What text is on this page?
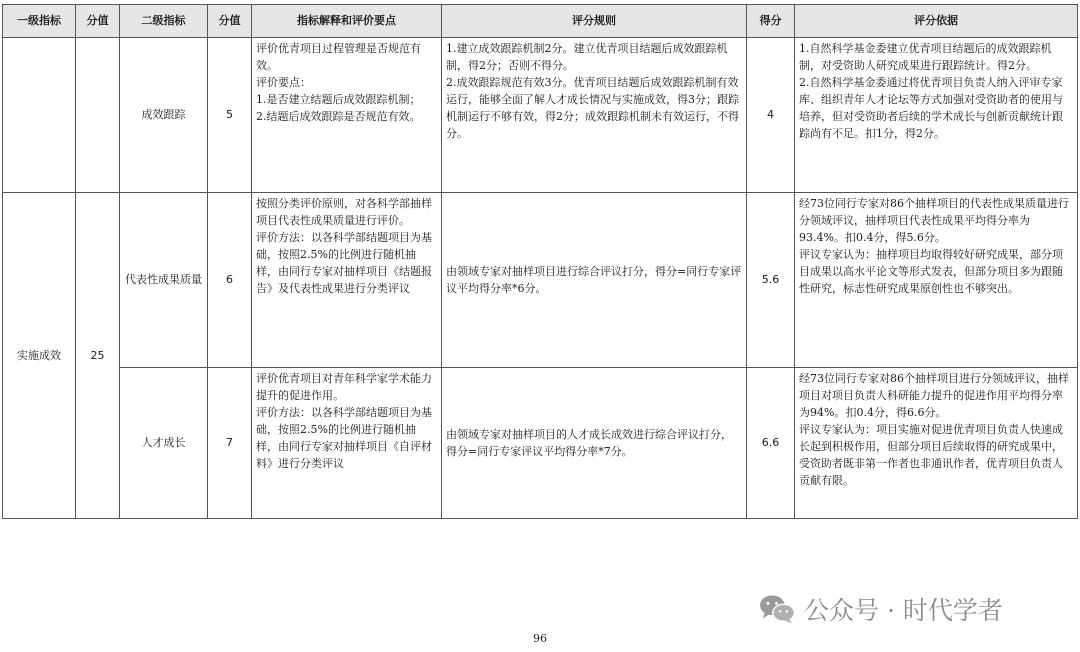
一级指标	分值	二级指标	分值	指标解释和评价要点	评分规则	得分	评分依据
		成效跟踪	5	评价优青项目过程管理是否规范有效。
评价要点：
1.是否建立结题后成效跟踪机制；
2.结题后成效跟踪是否规范有效。	1.建立成效跟踪机制2分。建立优青项目结题后成效跟踪机制，得2分；否则不得分。
2.成效跟踪规范有效3分。优青项目结题后成效跟踪机制有效运行，能够全面了解人才成长情况与实施成效，得3分；跟踪机制运行不够有效，得2分；成效跟踪机制未有效运行，不得分。	4	1.自然科学基金委建立优青项目结题后的成效跟踪机制，对受资助人研究成果进行跟踪统计。得2分。
2.自然科学基金委通过将优青项目负责人纳入评审专家库、组织青年人才论坛等方式加强对受资助者的使用与培养，但对受资助者后续的学术成长与创新贡献统计跟踪尚有不足。扣1分，得2分。

实施成效	25	代表性成果质量	6	按照分类评价原则，对各科学部抽样项目代表性成果质量进行评价。
评价方法：以各科学部结题项目为基础，按照2.5%的比例进行随机抽样，由同行专家对抽样项目《结题报告》及代表性成果进行分类评议	由领域专家对抽样项目进行综合评议打分，得分=同行专家评议平均得分率*6分。	5.6	经73位同行专家对86个抽样项目的代表性成果质量进行分领域评议，抽样项目代表性成果平均得分率为93.4%。扣0.4分，得5.6分。
评议专家认为：抽样项目均取得较好研究成果，部分项目成果以高水平论文等形式发表，但部分项目多为跟随性研究，标志性研究成果原创性也不够突出。

		人才成长	7	评价优青项目对青年科学家学术能力提升的促进作用。
评价方法：以各科学部结题项目为基础，按照2.5%的比例进行随机抽样，由同行专家对抽样项目《自评材料》进行分类评议	由领域专家对抽样项目的人才成长成效进行综合评议打分，得分=同行专家评议平均得分率*7分。	6.6	经73位同行专家对86个抽样项目进行分领域评议，抽样项目对项目负责人科研能力提升的促进作用平均得分率为94%。扣0.4分，得6.6分。
评议专家认为：项目实施对促进优青项目负责人快速成长起到积极作用，但部分项目后续取得的研究成果中，受资助者既非第一作者也非通讯作者，优青项目负责人贡献有限。
公众号 · 时代学者
96
